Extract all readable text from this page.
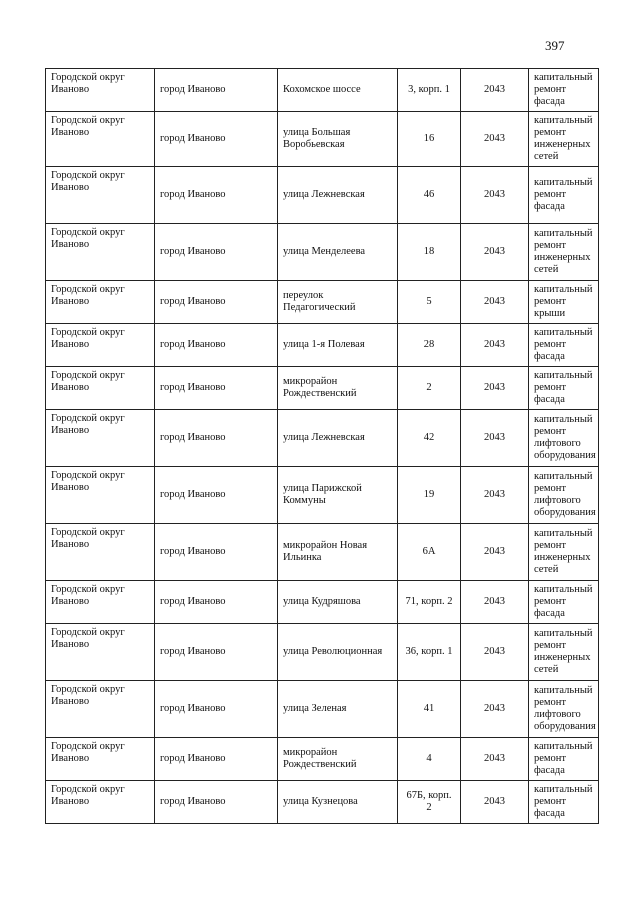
397
Городской округ Иваново	город Иваново	Кохомское шоссе	3, корп. 1	2043	капитальный ремонт фасада
Городской округ Иваново	город Иваново	улица Большая Воробьевская	16	2043	капитальный ремонт инженерных сетей
Городской округ Иваново	город Иваново	улица Лежневская	46	2043	капитальный ремонт фасада
Городской округ Иваново	город Иваново	улица Менделеева	18	2043	капитальный ремонт инженерных сетей
Городской округ Иваново	город Иваново	переулок Педагогический	5	2043	капитальный ремонт крыши
Городской округ Иваново	город Иваново	улица 1-я Полевая	28	2043	капитальный ремонт фасада
Городской округ Иваново	город Иваново	микрорайон Рождественский	2	2043	капитальный ремонт фасада
Городской округ Иваново	город Иваново	улица Лежневская	42	2043	капитальный ремонт лифтового оборудования
Городской округ Иваново	город Иваново	улица Парижской Коммуны	19	2043	капитальный ремонт лифтового оборудования
Городской округ Иваново	город Иваново	микрорайон Новая Ильинка	6А	2043	капитальный ремонт инженерных сетей
Городской округ Иваново	город Иваново	улица Кудряшова	71, корп. 2	2043	капитальный ремонт фасада
Городской округ Иваново	город Иваново	улица Революционная	36, корп. 1	2043	капитальный ремонт инженерных сетей
Городской округ Иваново	город Иваново	улица Зеленая	41	2043	капитальный ремонт лифтового оборудования
Городской округ Иваново	город Иваново	микрорайон Рождественский	4	2043	капитальный ремонт фасада
Городской округ Иваново	город Иваново	улица Кузнецова	67Б, корп. 2	2043	капитальный ремонт фасада
